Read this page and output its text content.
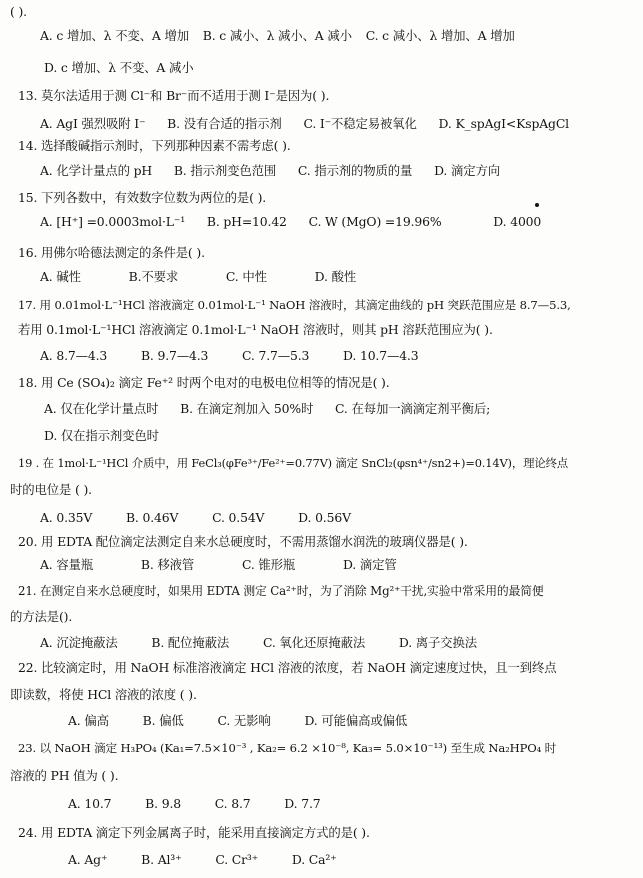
( ).
A. c 增加、λ 不变、A 增加 B. c 减小、λ 减小、A 减小 C. c 减小、λ 增加、A 增加
D. c 增加、λ 不变、A 减小
13. 莫尔法适用于测 Cl⁻和 Br⁻而不适用于测 I⁻是因为( ).
A. AgI 强烈吸附 I⁻ B. 没有合适的指示剂 C. I⁻不稳定易被氧化 D. K_spAgI<KspAgCl
14. 选择酸碱指示剂时，下列那种因素不需考虑( ).
A. 化学计量点的 pH B. 指示剂变色范围 C. 指示剂的物质的量 D. 滴定方向
15. 下列各数中，有效数字位数为两位的是( ).
A. [H⁺] =0.0003mol·L⁻¹ B. pH=10.42 C. W (MgO) =19.96%	D. 4000
16. 用佛尔哈德法测定的条件是( ).
A. 碱性	B.不要求	C. 中性	D. 酸性
17. 用 0.01mol·L⁻¹HCl 溶液滴定 0.01mol·L⁻¹ NaOH 溶液时，其滴定曲线的 pH 突跃范围应是 8.7—5.3,
若用 0.1mol·L⁻¹HCl 溶液滴定 0.1mol·L⁻¹ NaOH 溶液时，则其 pH 溶跃范围应为( ).
A. 8.7—4.3	B. 9.7—4.3	C. 7.7—5.3	D. 10.7—4.3
18. 用 Ce (SO₄)₂ 滴定 Fe⁺² 时两个电对的电极电位相等的情况是( ).
A. 仅在化学计量点时 B. 在滴定剂加入 50%时 C. 在每加一滴滴定剂平衡后;
D. 仅在指示剂变色时
19 . 在 1mol·L⁻¹HCl 介质中，用 FeCl₃(φFe³⁺/Fe²⁺=0.77V) 滴定 SnCl₂(φsn⁴⁺/sn2+)=0.14V)，理论终点
时的电位是 ( ).
A. 0.35V	B. 0.46V	C. 0.54V	D. 0.56V
20. 用 EDTA 配位滴定法测定自来水总硬度时，不需用蒸馏水润洗的玻璃仪器是( ).
A. 容量瓶	B. 移液管	C. 锥形瓶	D. 滴定管
21. 在测定自来水总硬度时，如果用 EDTA 测定 Ca²⁺时，为了消除 Mg²⁺干扰,实验中常采用的最简便
的方法是().
A. 沉淀掩蔽法	B. 配位掩蔽法	C. 氧化还原掩蔽法	D. 离子交换法
22. 比较滴定时，用 NaOH 标准溶液滴定 HCl 溶液的浓度，若 NaOH 滴定速度过快，且一到终点
即读数，将使 HCl 溶液的浓度 ( ).
A. 偏高	B. 偏低	C. 无影响	D. 可能偏高或偏低
23. 以 NaOH 滴定 H₃PO₄ (Ka₁=7.5×10⁻³ , Ka₂= 6.2 ×10⁻⁸, Ka₃= 5.0×10⁻¹³) 至生成 Na₂HPO₄ 时
溶液的 PH 值为 ( ).
A. 10.7	B. 9.8	C. 8.7	D. 7.7
24. 用 EDTA 滴定下列金属离子时，能采用直接滴定方式的是( ).
A. Ag⁺	B. Al³⁺	C. Cr³⁺	D. Ca²⁺
